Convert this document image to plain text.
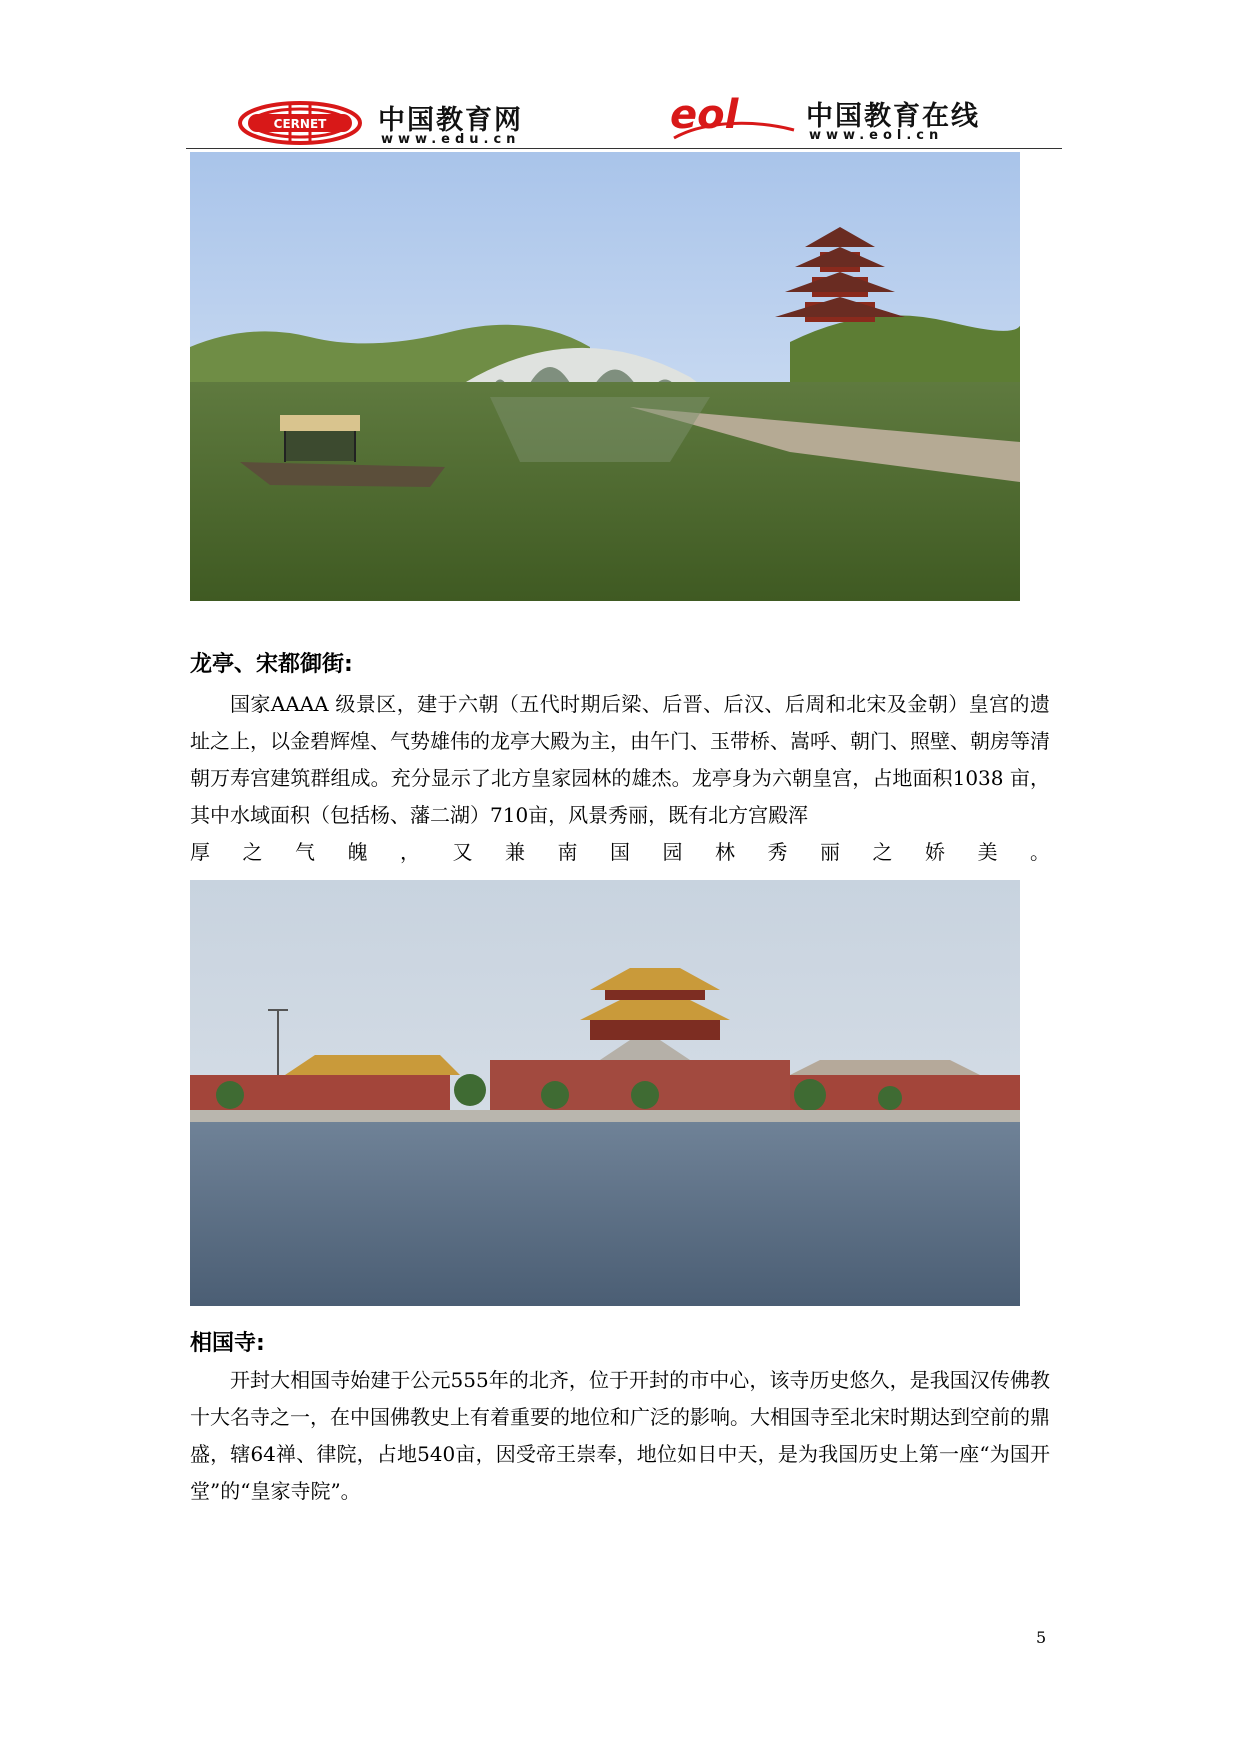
CERNET 中国教育网
www.edu.cn
eol	中国教育在线
www.eol.cn
龙亭、宋都御街:

国家AAAA 级景区，建于六朝（五代时期后梁、后晋、后汉、后周和北宋及金朝）皇宫的遗址之上，以金碧辉煌、气势雄伟的龙亭大殿为主，由午门、玉带桥、嵩呼、朝门、照壁、朝房等清朝万寿宫建筑群组成。充分显示了北方皇家园林的雄杰。龙亭身为六朝皇宫，占地面积1038 亩，其中水域面积（包括杨、藩二湖）710亩，风景秀丽，既有北方宫殿浑

厚 之 气 魄 ， 又 兼 南 国 园 林 秀 丽 之 娇 美 。
相国寺:

开封大相国寺始建于公元555年的北齐，位于开封的市中心，该寺历史悠久，是我国汉传佛教十大名寺之一，在中国佛教史上有着重要的地位和广泛的影响。大相国寺至北宋时期达到空前的鼎盛，辖64禅、律院，占地540亩，因受帝王崇奉，地位如日中天，是为我国历史上第一座“为国开堂”的“皇家寺院”。

5
